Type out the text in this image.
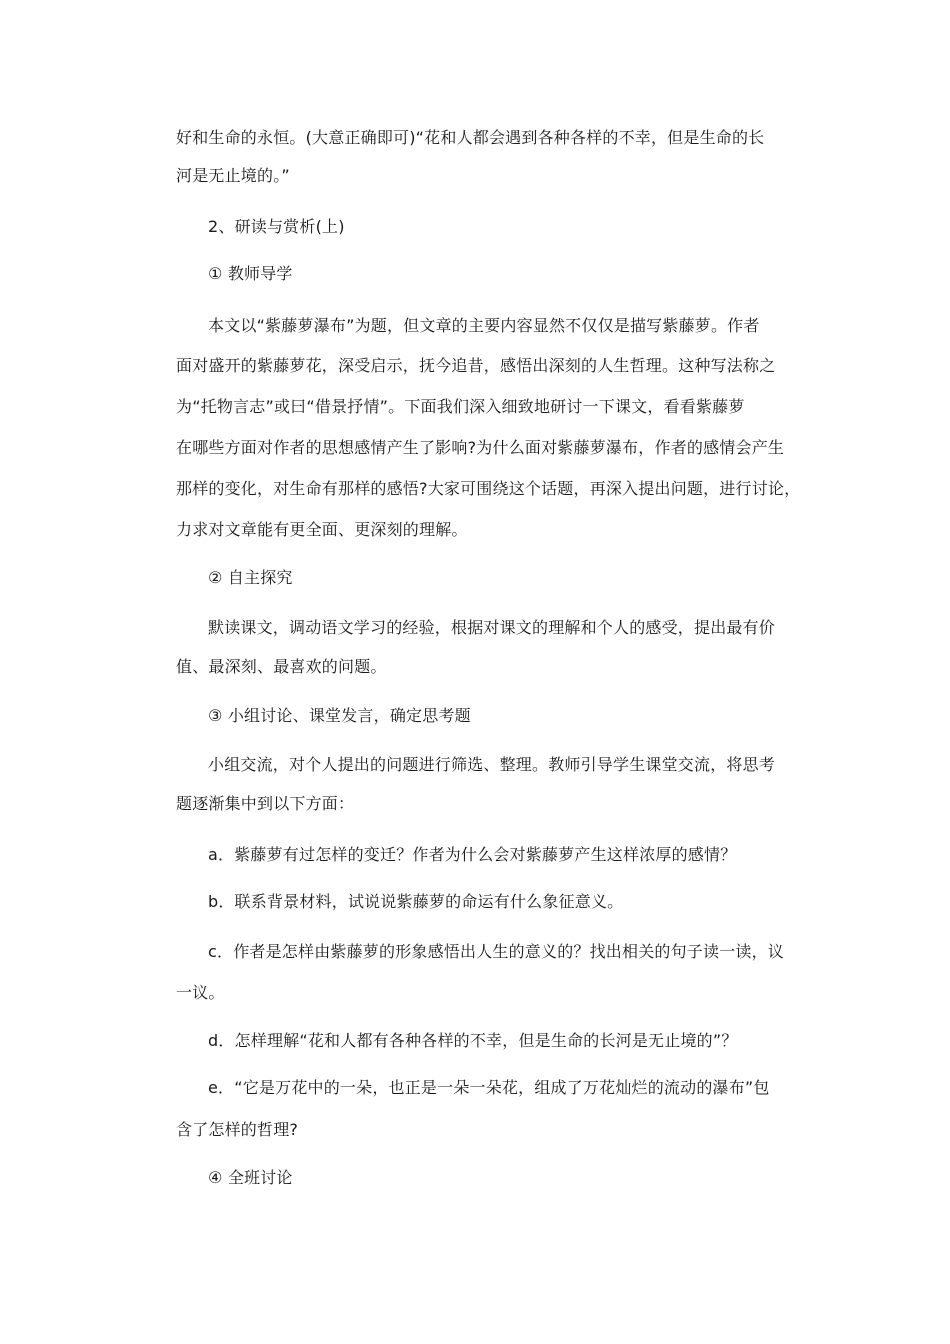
好和生命的永恒。(大意正确即可)“花和人都会遇到各种各样的不幸，但是生命的长
河是无止境的。”
2、研读与赏析(上)
① 教师导学
本文以“紫藤萝瀑布”为题，但文章的主要内容显然不仅仅是描写紫藤萝。作者
面对盛开的紫藤萝花，深受启示，抚今追昔，感悟出深刻的人生哲理。这种写法称之
为“托物言志”或曰“借景抒情”。下面我们深入细致地研讨一下课文，看看紫藤萝
在哪些方面对作者的思想感情产生了影响?为什么面对紫藤萝瀑布，作者的感情会产生
那样的变化，对生命有那样的感悟?大家可围绕这个话题，再深入提出问题，进行讨论，
力求对文章能有更全面、更深刻的理解。
② 自主探究
默读课文，调动语文学习的经验，根据对课文的理解和个人的感受，提出最有价
值、最深刻、最喜欢的问题。
③ 小组讨论、课堂发言，确定思考题
小组交流，对个人提出的问题进行筛选、整理。教师引导学生课堂交流，将思考
题逐渐集中到以下方面：
a．紫藤萝有过怎样的变迁？作者为什么会对紫藤萝产生这样浓厚的感情？
b．联系背景材料，试说说紫藤萝的命运有什么象征意义。
c．作者是怎样由紫藤萝的形象感悟出人生的意义的？找出相关的句子读一读，议
一议。
d．怎样理解“花和人都有各种各样的不幸，但是生命的长河是无止境的”？
e．“它是万花中的一朵，也正是一朵一朵花，组成了万花灿烂的流动的瀑布”包
含了怎样的哲理?
④ 全班讨论
